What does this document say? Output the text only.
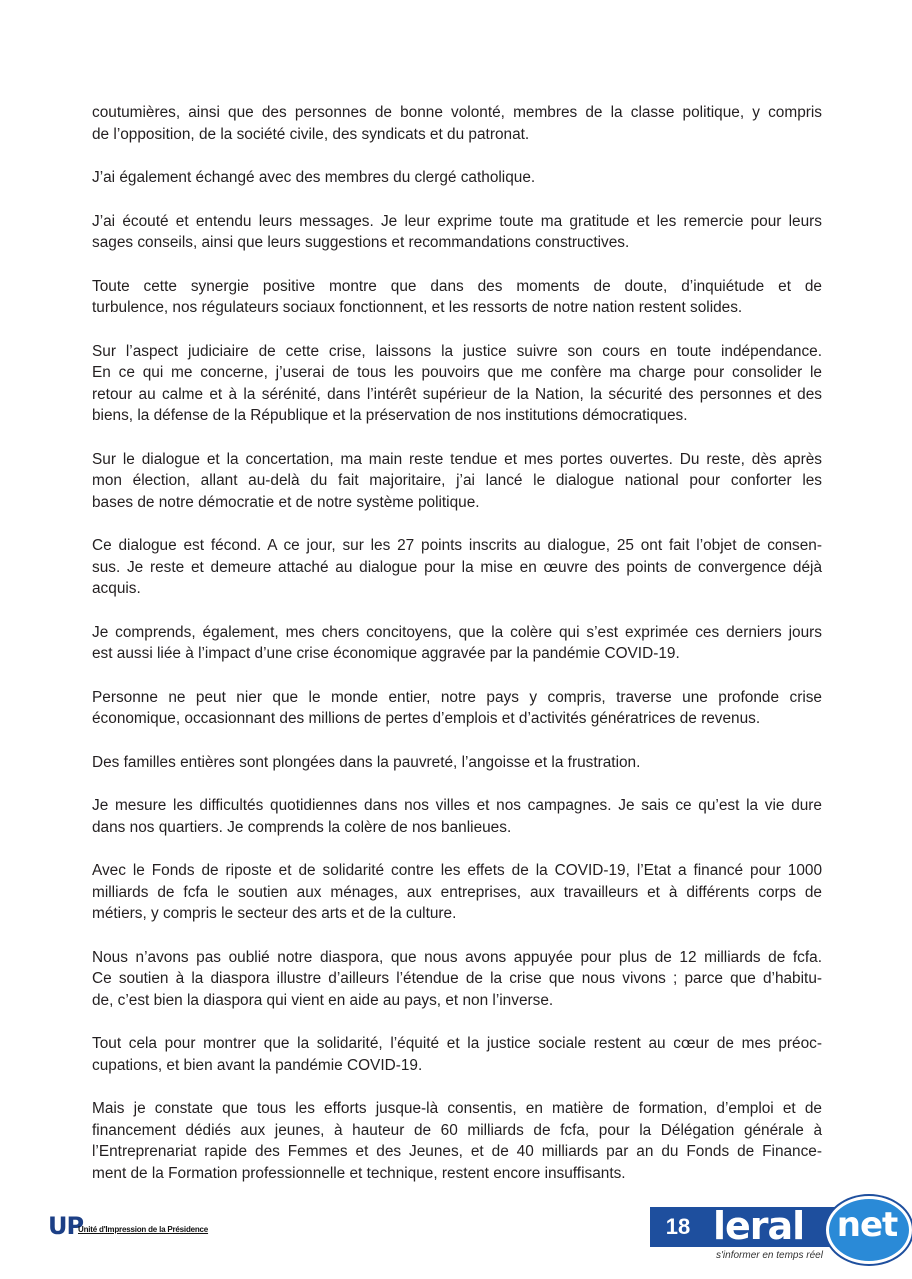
coutumières, ainsi que des personnes de bonne volonté, membres de la classe politique, y compris
de l’opposition, de la société civile, des syndicats et du patronat.

J’ai également échangé avec des membres du clergé catholique.

J’ai écouté et entendu leurs messages. Je leur exprime toute ma gratitude et les remercie pour leurs
sages conseils, ainsi que leurs suggestions et recommandations constructives.

Toute cette synergie positive montre que dans des moments de doute, d’inquiétude et de
turbulence, nos régulateurs sociaux fonctionnent, et les ressorts de notre nation restent solides.

Sur l’aspect judiciaire de cette crise, laissons la justice suivre son cours en toute indépendance.
En ce qui me concerne, j’userai de tous les pouvoirs que me confère ma charge pour consolider le
retour au calme et à la sérénité, dans l’intérêt supérieur de la Nation, la sécurité des personnes et des
biens, la défense de la République et la préservation de nos institutions démocratiques.

Sur le dialogue et la concertation, ma main reste tendue et mes portes ouvertes. Du reste, dès après
mon élection, allant au-delà du fait majoritaire, j’ai lancé le dialogue national pour conforter les
bases de notre démocratie et de notre système politique.

Ce dialogue est fécond. A ce jour, sur les 27 points inscrits au dialogue, 25 ont fait l’objet de consen-
sus. Je reste et demeure attaché au dialogue pour la mise en œuvre des points de convergence déjà
acquis.

Je comprends, également, mes chers concitoyens, que la colère qui s’est exprimée ces derniers jours
est aussi liée à l’impact d’une crise économique aggravée par la pandémie COVID-19.

Personne ne peut nier que le monde entier, notre pays y compris, traverse une profonde crise
économique, occasionnant des millions de pertes d’emplois et d’activités génératrices de revenus.

Des familles entières sont plongées dans la pauvreté, l’angoisse et la frustration.

Je mesure les difficultés quotidiennes dans nos villes et nos campagnes. Je sais ce qu’est la vie dure
dans nos quartiers. Je comprends la colère de nos banlieues.

Avec le Fonds de riposte et de solidarité contre les effets de la COVID-19, l’Etat a financé pour 1000
milliards de fcfa le soutien aux ménages, aux entreprises, aux travailleurs et à différents corps de
métiers, y compris le secteur des arts et de la culture.

Nous n’avons pas oublié notre diaspora, que nous avons appuyée pour plus de 12 milliards de fcfa.
Ce soutien à la diaspora illustre d’ailleurs l’étendue de la crise que nous vivons ; parce que d’habitu-
de, c’est bien la diaspora qui vient en aide au pays, et non l’inverse.

Tout cela pour montrer que la solidarité, l’équité et la justice sociale restent au cœur de mes préoc-
cupations, et bien avant la pandémie COVID-19.

Mais je constate que tous les efforts jusque-là consentis, en matière de formation, d’emploi et de
financement dédiés aux jeunes, à hauteur de 60 milliards de fcfa, pour la Délégation générale à
l’Entreprenariat rapide des Femmes et des Jeunes, et de 40 milliards par an du Fonds de Finance-
ment de la Formation professionnelle et technique, restent encore insuffisants.

UP
Unité d'Impression de la Présidence	18 leral net
s'informer en temps réel
